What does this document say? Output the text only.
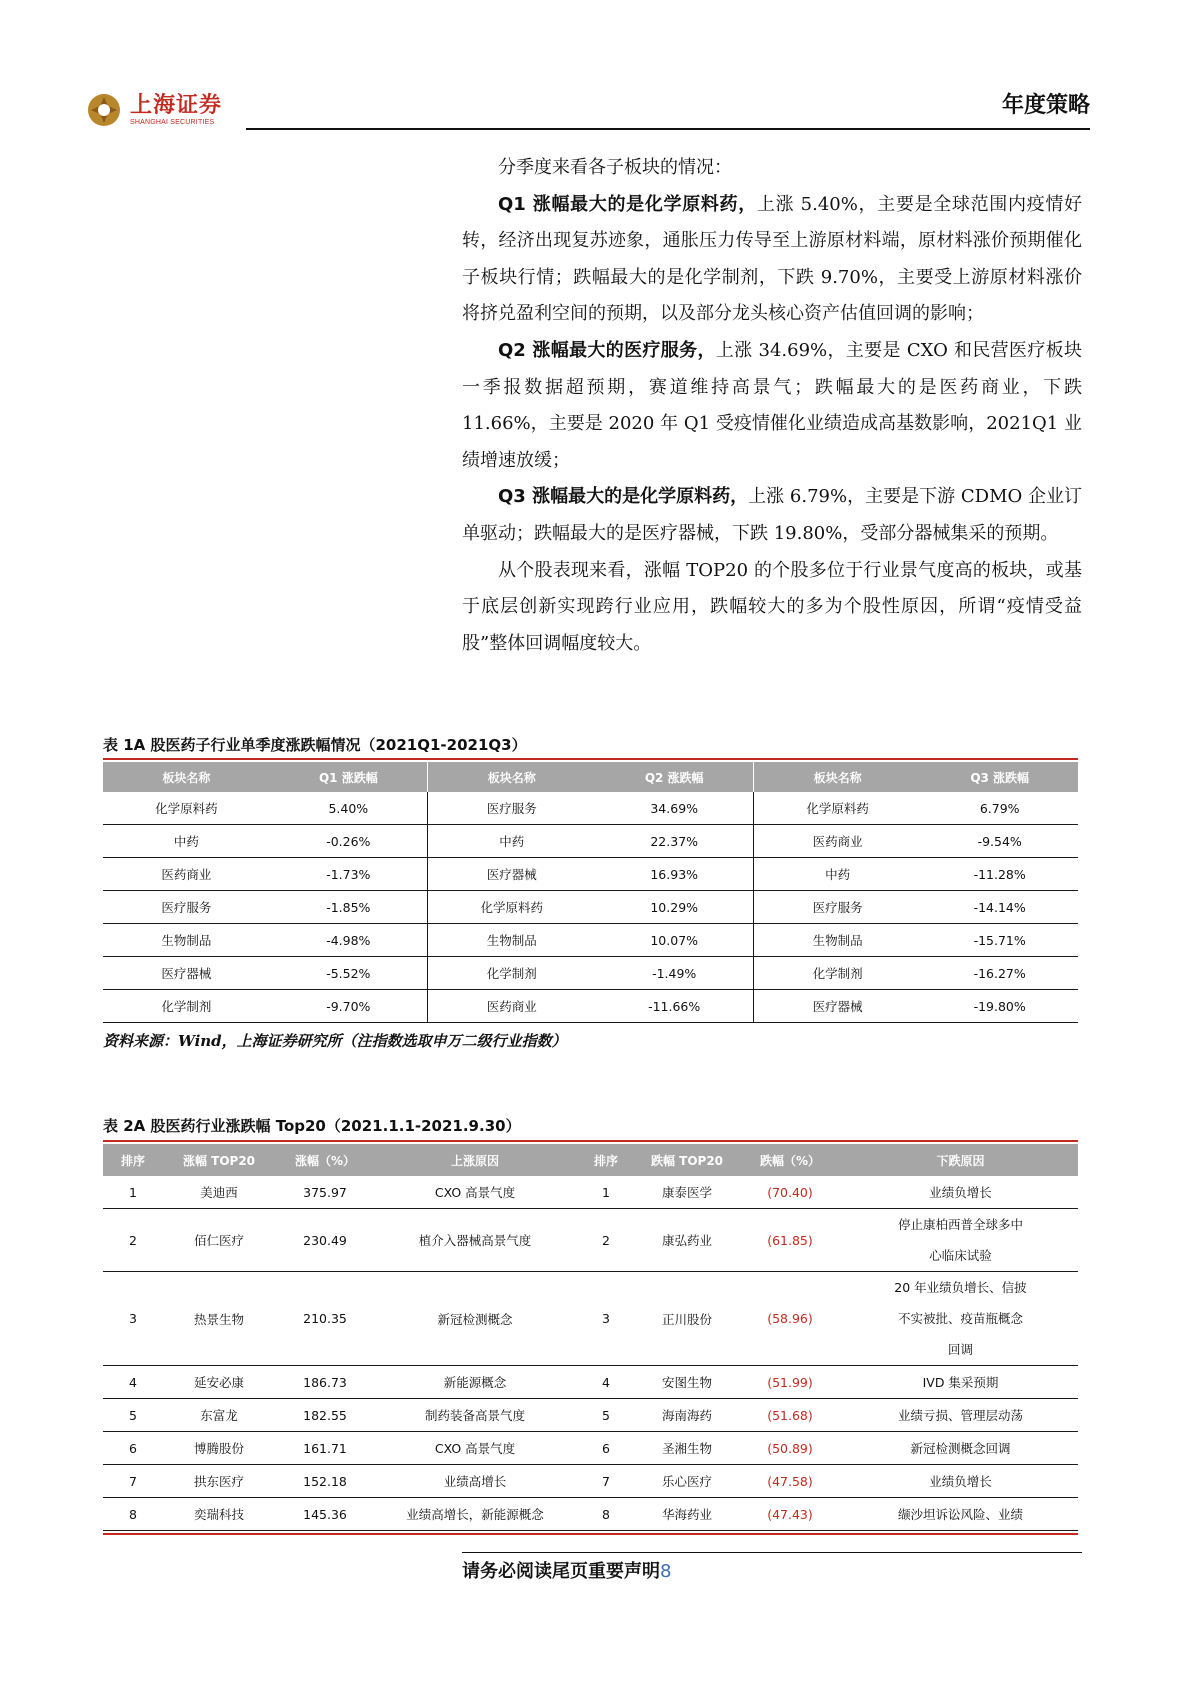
上海证券
SHANGHAI SECURITIES
年度策略

分季度来看各子板块的情况：

Q1 涨幅最大的是化学原料药，上涨 5.40%，主要是全球范围内疫情好转，经济出现复苏迹象，通胀压力传导至上游原材料端，原材料涨价预期催化子板块行情；跌幅最大的是化学制剂，下跌 9.70%，主要受上游原材料涨价将挤兑盈利空间的预期，以及部分龙头核心资产估值回调的影响；

Q2 涨幅最大的医疗服务，上涨 34.69%，主要是 CXO 和民营医疗板块一季报数据超预期，赛道维持高景气；跌幅最大的是医药商业，下跌 11.66%，主要是 2020 年 Q1 受疫情催化业绩造成高基数影响，2021Q1 业绩增速放缓；

Q3 涨幅最大的是化学原料药，上涨 6.79%，主要是下游 CDMO 企业订单驱动；跌幅最大的是医疗器械，下跌 19.80%，受部分器械集采的预期。

从个股表现来看，涨幅 TOP20 的个股多位于行业景气度高的板块，或基于底层创新实现跨行业应用，跌幅较大的多为个股性原因，所谓“疫情受益股”整体回调幅度较大。

表 1A 股医药子行业单季度涨跌幅情况（2021Q1-2021Q3）
板块名称	Q1 涨跌幅	板块名称	Q2 涨跌幅	板块名称	Q3 涨跌幅
化学原料药	5.40%	医疗服务	34.69%	化学原料药	6.79%
中药	-0.26%	中药	22.37%	医药商业	-9.54%
医药商业	-1.73%	医疗器械	16.93%	中药	-11.28%
医疗服务	-1.85%	化学原料药	10.29%	医疗服务	-14.14%
生物制品	-4.98%	生物制品	10.07%	生物制品	-15.71%
医疗器械	-5.52%	化学制剂	-1.49%	化学制剂	-16.27%
化学制剂	-9.70%	医药商业	-11.66%	医疗器械	-19.80%
资料来源：Wind，上海证券研究所（注指数选取申万二级行业指数）
表 2A 股医药行业涨跌幅 Top20（2021.1.1-2021.9.30）
排序	涨幅 TOP20	涨幅（%）	上涨原因	排序	跌幅 TOP20	跌幅（%）	下跌原因
1	美迪西	375.97	CXO 高景气度	1	康泰医学	(70.40)	业绩负增长

2	佰仁医疗	230.49	植介入器械高景气度	2	康弘药业	(61.85)	停止康柏西普全球多中
心临床试验

3	热景生物	210.35	新冠检测概念	3	正川股份	(58.96)	20 年业绩负增长、信披
不实被批、疫苗瓶概念
回调

4	延安必康	186.73	新能源概念	4	安图生物	(51.99)	IVD 集采预期

5	东富龙	182.55	制药装备高景气度	5	海南海药	(51.68)	业绩亏损、管理层动荡

6	博腾股份	161.71	CXO 高景气度	6	圣湘生物	(50.89)	新冠检测概念回调

7	拱东医疗	152.18	业绩高增长	7	乐心医疗	(47.58)	业绩负增长

8	奕瑞科技	145.36	业绩高增长，新能源概念	8	华海药业	(47.43)	缬沙坦诉讼风险、业绩
请务必阅读尾页重要声明8
